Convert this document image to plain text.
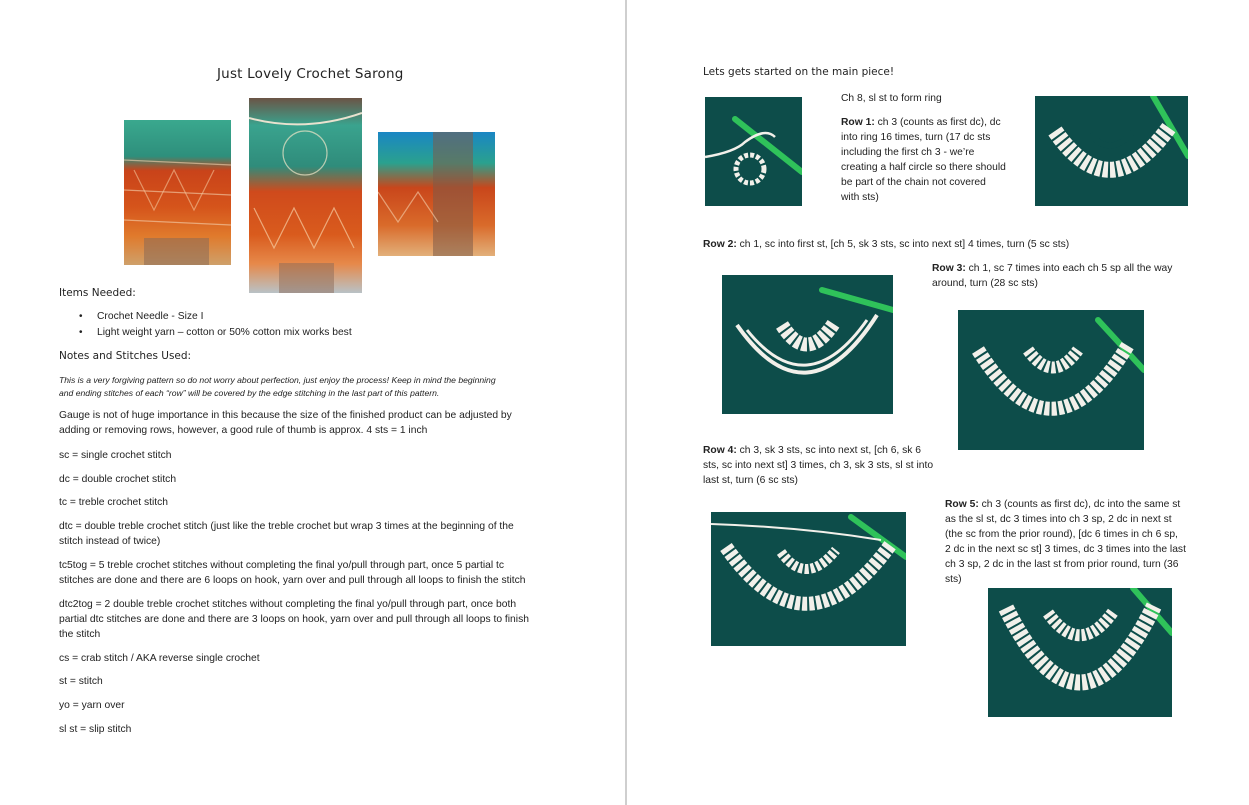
Just Lovely Crochet Sarong
Items Needed:
• Crochet Needle - Size I
• Light weight yarn – cotton or 50% cotton mix works best
Notes and Stitches Used:
This is a very forgiving pattern so do not worry about perfection, just enjoy the process! Keep in mind the beginning
and ending stitches of each “row” will be covered by the edge stitching in the last part of this pattern.
Gauge is not of huge importance in this because the size of the finished product can be adjusted by
adding or removing rows, however, a good rule of thumb is approx. 4 sts = 1 inch
sc = single crochet stitch
dc = double crochet stitch
tc = treble crochet stitch
dtc = double treble crochet stitch (just like the treble crochet but wrap 3 times at the beginning of the
stitch instead of twice)
tc5tog = 5 treble crochet stitches without completing the final yo/pull through part, once 5 partial tc
stitches are done and there are 6 loops on hook, yarn over and pull through all loops to finish the stitch
dtc2tog = 2 double treble crochet stitches without completing the final yo/pull through part, once both
partial dtc stitches are done and there are 3 loops on hook, yarn over and pull through all loops to finish
the stitch
cs = crab stitch / AKA reverse single crochet
st = stitch
yo = yarn over
sl st = slip stitch
Lets gets started on the main piece!
Ch 8, sl st to form ring
Row 1: ch 3 (counts as first dc), dc
into ring 16 times, turn (17 dc sts
including the first ch 3 - we’re
creating a half circle so there should
be part of the chain not covered
with sts)
Row 2: ch 1, sc into first st, [ch 5, sk 3 sts, sc into next st] 4 times, turn (5 sc sts)
Row 3: ch 1, sc 7 times into each ch 5 sp all the way
around, turn (28 sc sts)
Row 4: ch 3, sk 3 sts, sc into next st, [ch 6, sk 6
sts, sc into next st] 3 times, ch 3, sk 3 sts, sl st into
last st, turn (6 sc sts)
Row 5: ch 3 (counts as first dc), dc into the same st
as the sl st, dc 3 times into ch 3 sp, 2 dc in next st
(the sc from the prior round), [dc 6 times in ch 6 sp,
2 dc in the next sc st] 3 times, dc 3 times into the last
ch 3 sp, 2 dc in the last st from prior round, turn (36
sts)
